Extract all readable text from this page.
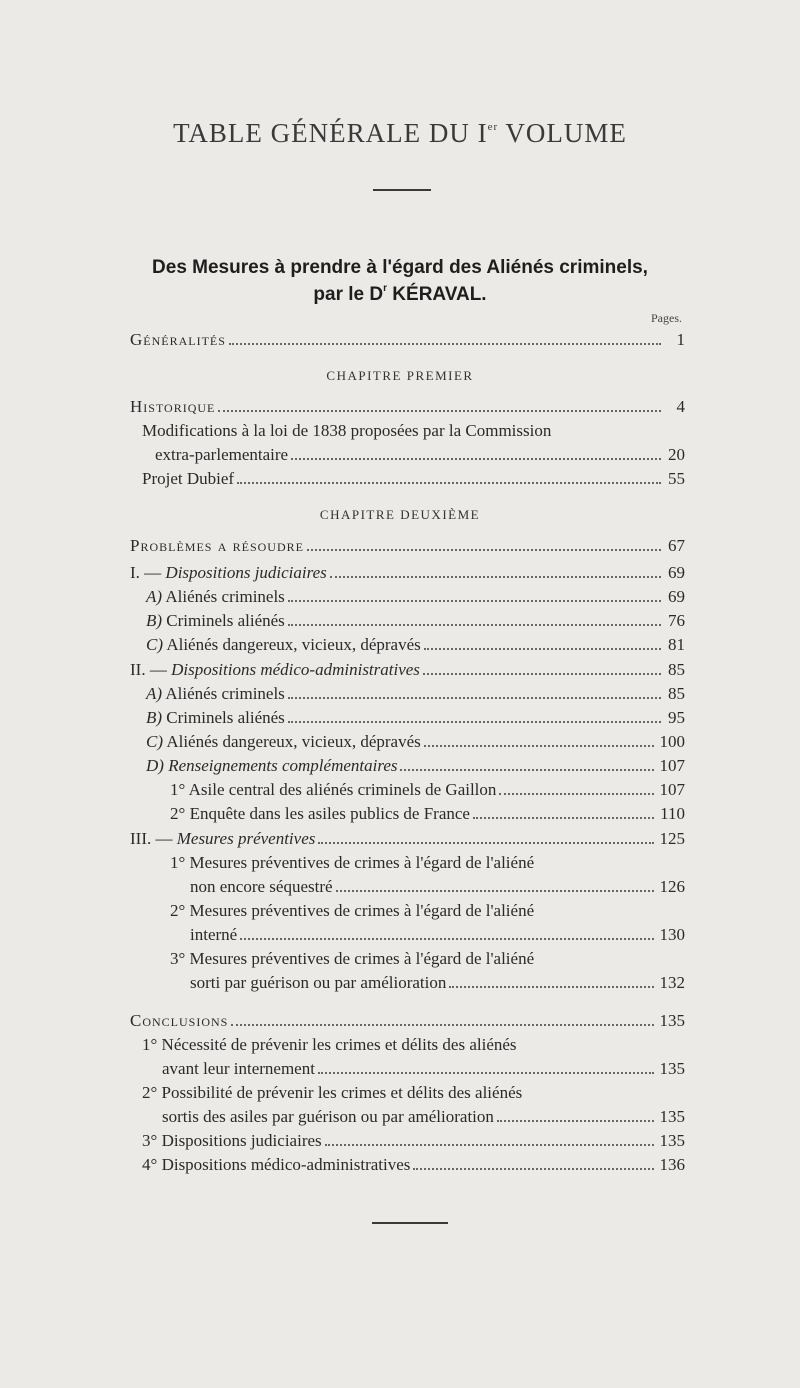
TABLE GÉNÉRALE DU Ier VOLUME
Des Mesures à prendre à l'égard des Aliénés criminels,
par le $D^r$ KÉRAVAL.
Pages.
Généralités	1
CHAPITRE PREMIER
Historique	4
Modifications à la loi de 1838 proposées par la Commission
extra-parlementaire	20
Projet Dubief	55
CHAPITRE DEUXIÈME
Problèmes a résoudre	67
I. — Dispositions judiciaires	69
A) Aliénés criminels	69
B) Criminels aliénés	76
C) Aliénés dangereux, vicieux, dépravés	81
II. — Dispositions médico-administratives	85
A) Aliénés criminels	85
B) Criminels aliénés	95
C) Aliénés dangereux, vicieux, dépravés	100
D) Renseignements complémentaires	107
1° Asile central des aliénés criminels de Gaillon	107
2° Enquête dans les asiles publics de France	110
III. — Mesures préventives	125
1° Mesures préventives de crimes à l'égard de l'aliéné
non encore séquestré	126
2° Mesures préventives de crimes à l'égard de l'aliéné
interné	130
3° Mesures préventives de crimes à l'égard de l'aliéné
sorti par guérison ou par amélioration	132
Conclusions	135
1° Nécessité de prévenir les crimes et délits des aliénés
avant leur internement	135
2° Possibilité de prévenir les crimes et délits des aliénés
sortis des asiles par guérison ou par amélioration	135
3° Dispositions judiciaires	135
4° Dispositions médico-administratives	136
